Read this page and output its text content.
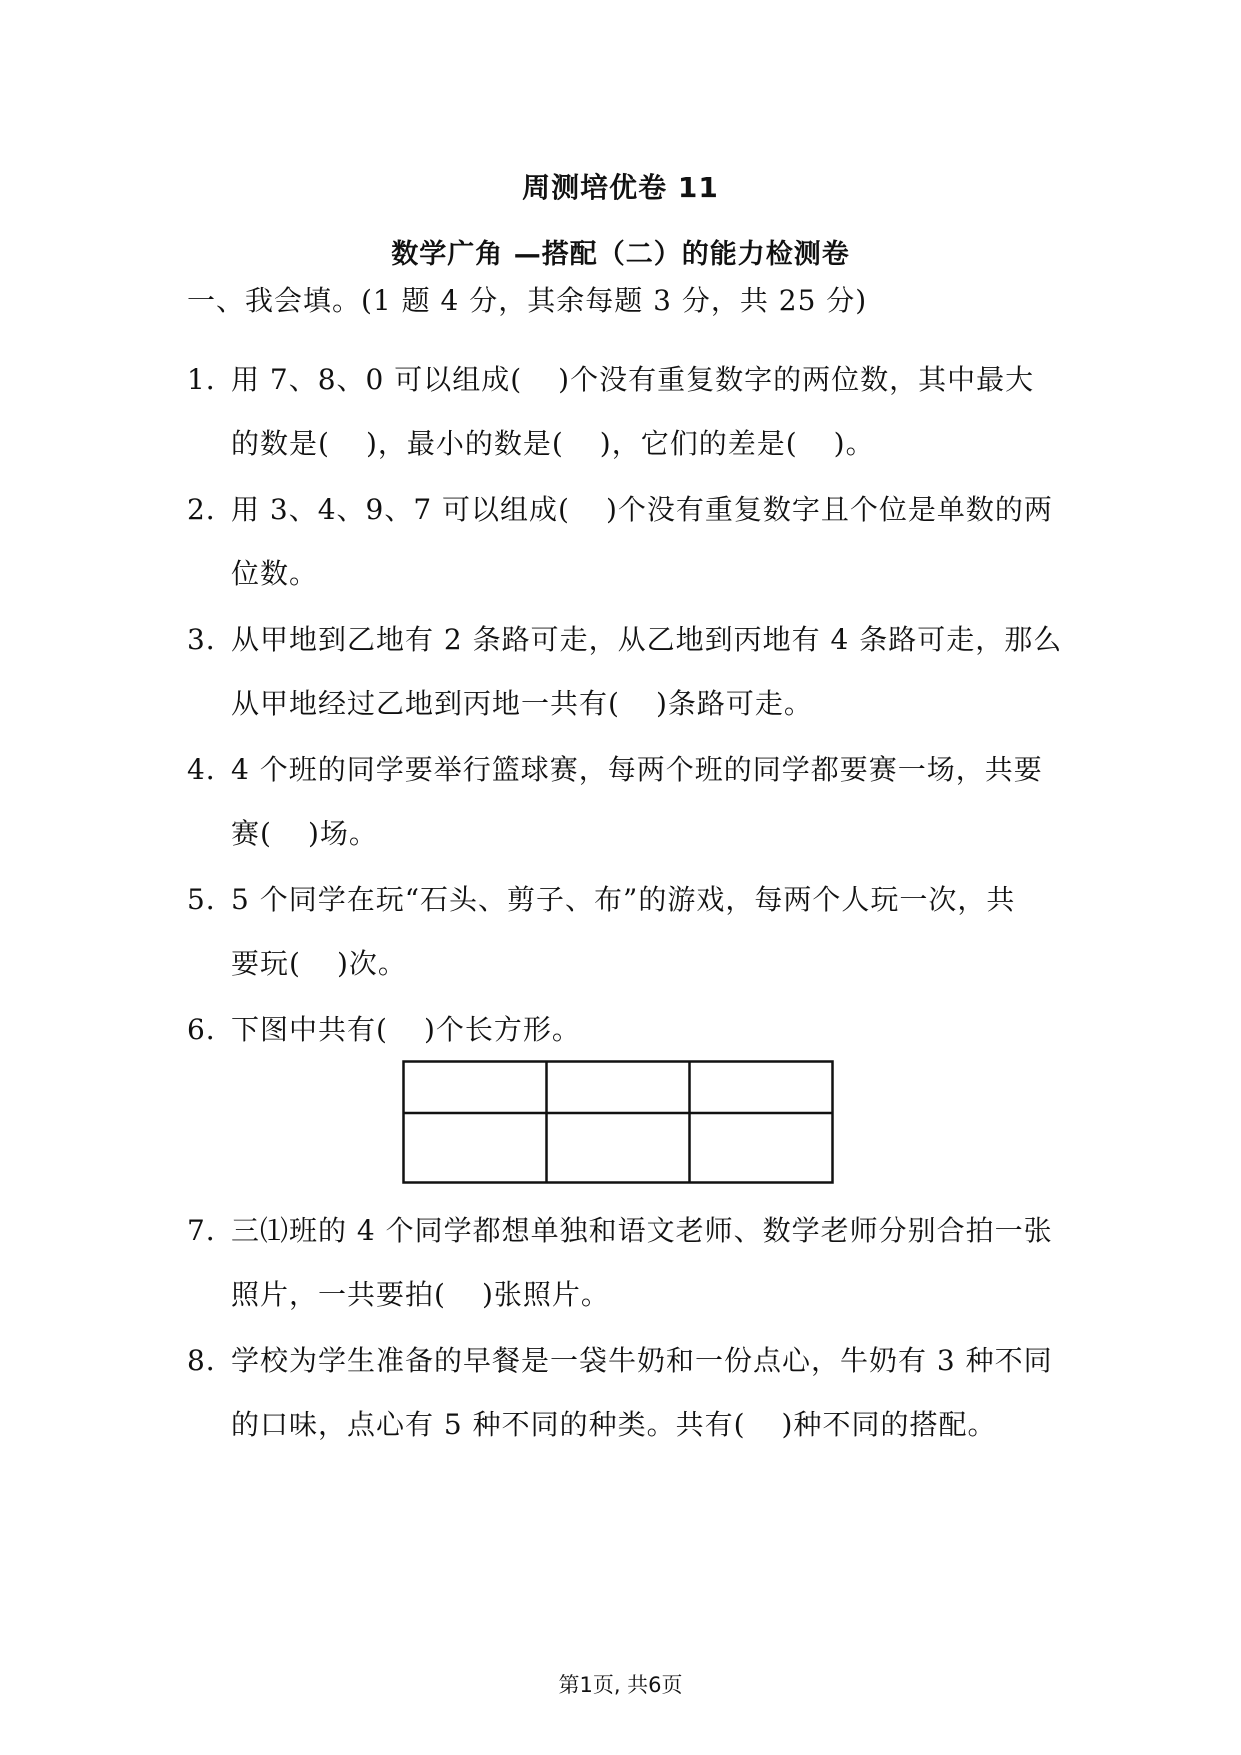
周测培优卷 11
数学广角 —搭配（二）的能力检测卷
一、我会填。(1 题 4 分，其余每题 3 分，共 25 分)
1．用 7、8、0 可以组成( )个没有重复数字的两位数，其中最大
的数是( )，最小的数是( )，它们的差是( )。
2．用 3、4、9、7 可以组成( )个没有重复数字且个位是单数的两
位数。
3．从甲地到乙地有 2 条路可走，从乙地到丙地有 4 条路可走，那么
从甲地经过乙地到丙地一共有( )条路可走。
4．4 个班的同学要举行篮球赛，每两个班的同学都要赛一场，共要
赛( )场。
5．5 个同学在玩“石头、剪子、布”的游戏，每两个人玩一次，共
要玩( )次。
6．下图中共有( )个长方形。
7．三⑴班的 4 个同学都想单独和语文老师、数学老师分别合拍一张
照片，一共要拍( )张照片。
8．学校为学生准备的早餐是一袋牛奶和一份点心，牛奶有 3 种不同
的口味，点心有 5 种不同的种类。共有( )种不同的搭配。
第1页, 共6页
